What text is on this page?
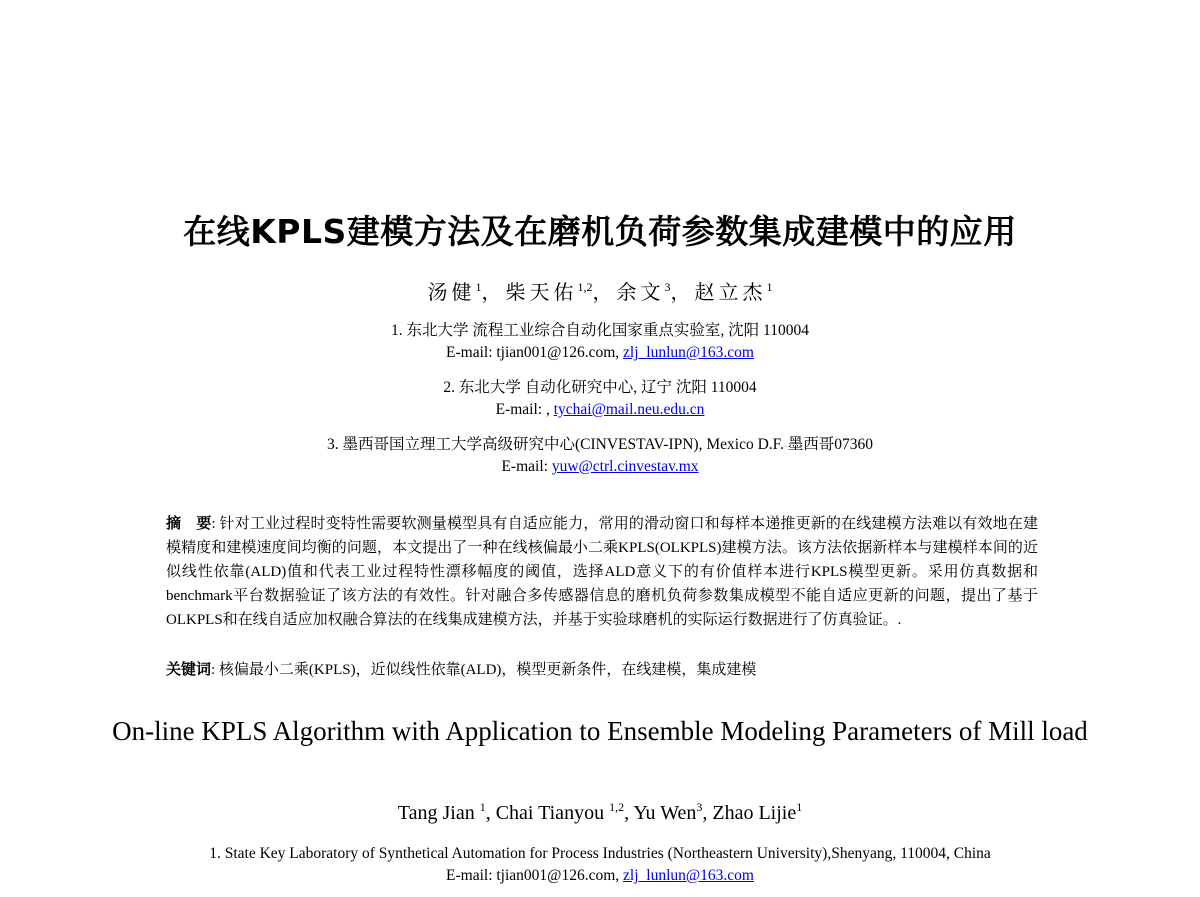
在线KPLS建模方法及在磨机负荷参数集成建模中的应用
汤健$^1$，柴天佑$^{1,2}$，余文$^3$，赵立杰$^1$
1. 东北大学 流程工业综合自动化国家重点实验室, 沈阳 110004
E-mail: tjian001@126.com, zlj_lunlun@163.com
2. 东北大学 自动化研究中心, 辽宁 沈阳 110004
E-mail: , tychai@mail.neu.edu.cn
3. 墨西哥国立理工大学高级研究中心(CINVESTAV-IPN), Mexico D.F. 墨西哥07360
E-mail: yuw@ctrl.cinvestav.mx
摘　要: 针对工业过程时变特性需要软测量模型具有自适应能力，常用的滑动窗口和每样本递推更新的在线建模方法难以有效地在建模精度和建模速度间均衡的问题，本文提出了一种在线核偏最小二乘KPLS(OLKPLS)建模方法。该方法依据新样本与建模样本间的近似线性依靠(ALD)值和代表工业过程特性漂移幅度的阈值，选择ALD意义下的有价值样本进行KPLS模型更新。采用仿真数据和benchmark平台数据验证了该方法的有效性。针对融合多传感器信息的磨机负荷参数集成模型不能自适应更新的问题，提出了基于OLKPLS和在线自适应加权融合算法的在线集成建模方法，并基于实验球磨机的实际运行数据进行了仿真验证。.
关键词: 核偏最小二乘(KPLS)，近似线性依靠(ALD)，模型更新条件，在线建模，集成建模
On-line KPLS Algorithm with Application to Ensemble Modeling Parameters of Mill load
Tang Jian $^1$, Chai Tianyou $^{1,2}$, Yu Wen$^3$, Zhao Lijie$^1$
1. State Key Laboratory of Synthetical Automation for Process Industries (Northeastern University),Shenyang, 110004, China
E-mail: tjian001@126.com, zlj_lunlun@163.com
